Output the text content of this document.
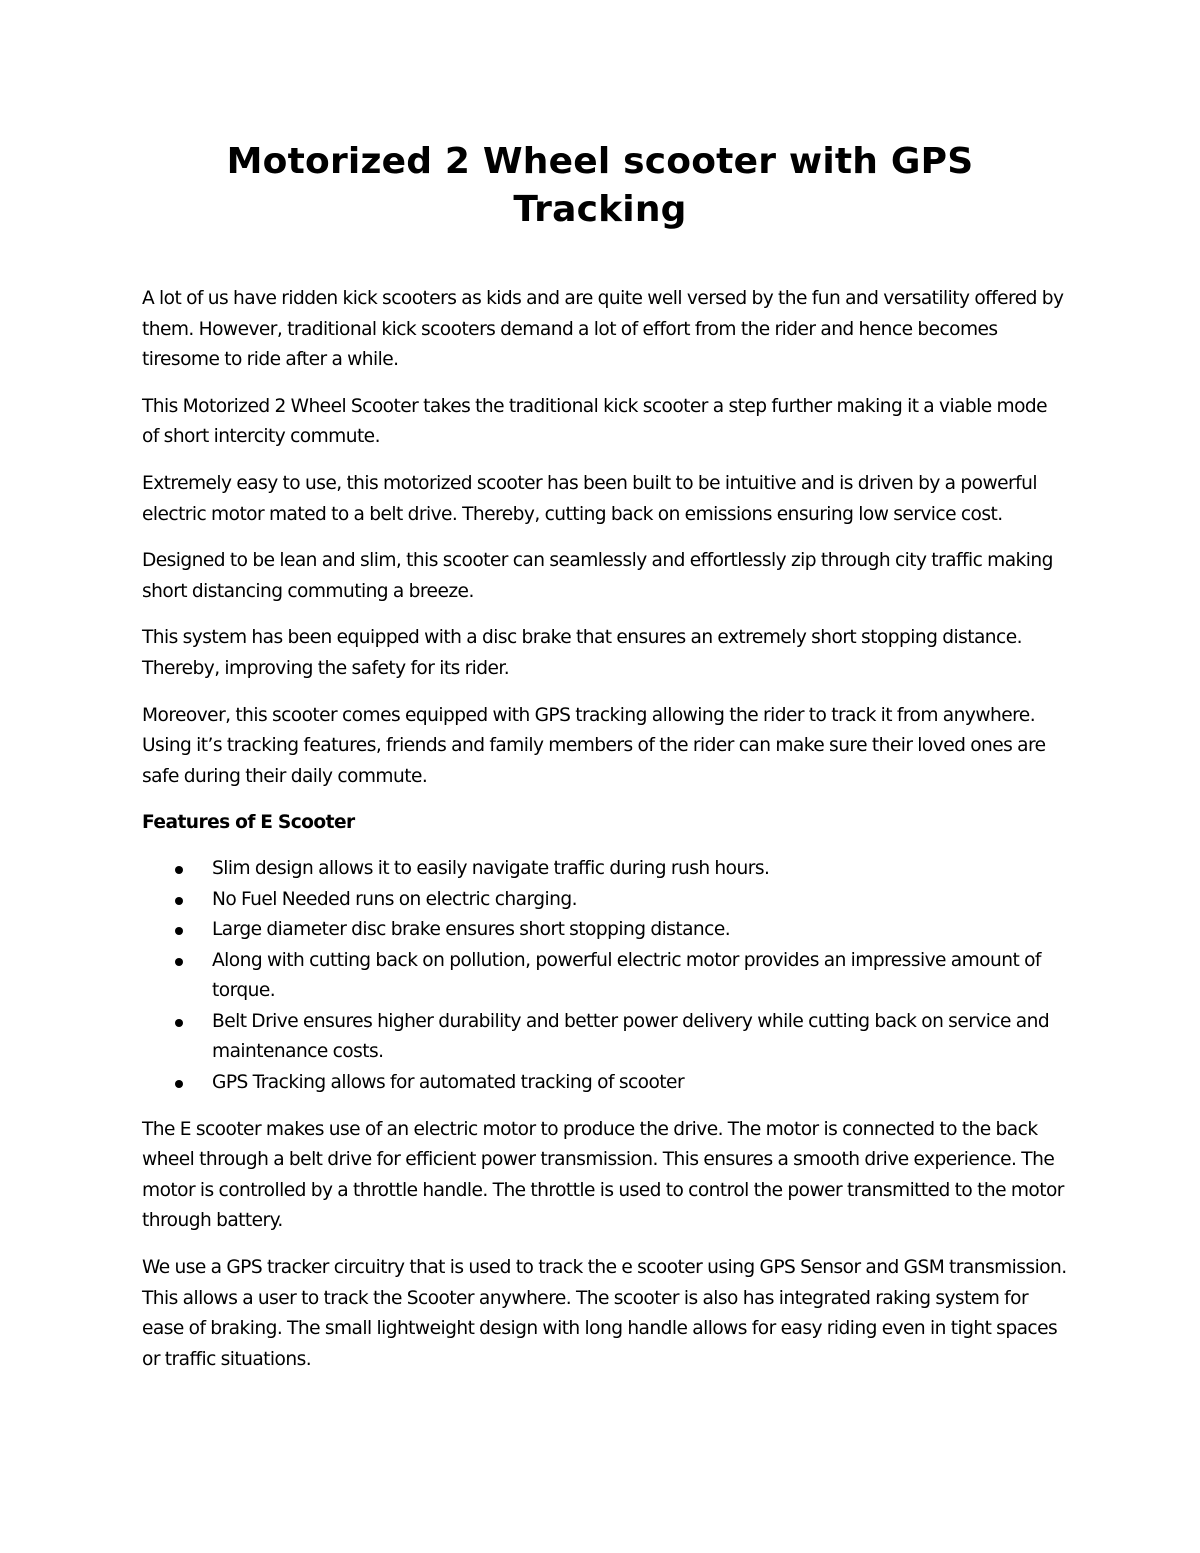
Motorized 2 Wheel scooter with GPS
Tracking

A lot of us have ridden kick scooters as kids and are quite well versed by the fun and versatility offered by them. However, traditional kick scooters demand a lot of effort from the rider and hence becomes tiresome to ride after a while.

This Motorized 2 Wheel Scooter takes the traditional kick scooter a step further making it a viable mode of short intercity commute.

Extremely easy to use, this motorized scooter has been built to be intuitive and is driven by a powerful electric motor mated to a belt drive. Thereby, cutting back on emissions ensuring low service cost.

Designed to be lean and slim, this scooter can seamlessly and effortlessly zip through city traffic making short distancing commuting a breeze.

This system has been equipped with a disc brake that ensures an extremely short stopping distance. Thereby, improving the safety for its rider.

Moreover, this scooter comes equipped with GPS tracking allowing the rider to track it from anywhere. Using it’s tracking features, friends and family members of the rider can make sure their loved ones are safe during their daily commute.

Features of E Scooter

Slim design allows it to easily navigate traffic during rush hours.
No Fuel Needed runs on electric charging.
Large diameter disc brake ensures short stopping distance.
Along with cutting back on pollution, powerful electric motor provides an impressive amount of torque.
Belt Drive ensures higher durability and better power delivery while cutting back on service and maintenance costs.
GPS Tracking allows for automated tracking of scooter

The E scooter makes use of an electric motor to produce the drive. The motor is connected to the back wheel through a belt drive for efficient power transmission. This ensures a smooth drive experience. The motor is controlled by a throttle handle. The throttle is used to control the power transmitted to the motor through battery.

We use a GPS tracker circuitry that is used to track the e scooter using GPS Sensor and GSM transmission. This allows a user to track the Scooter anywhere. The scooter is also has integrated raking system for ease of braking. The small lightweight design with long handle allows for easy riding even in tight spaces or traffic situations.
